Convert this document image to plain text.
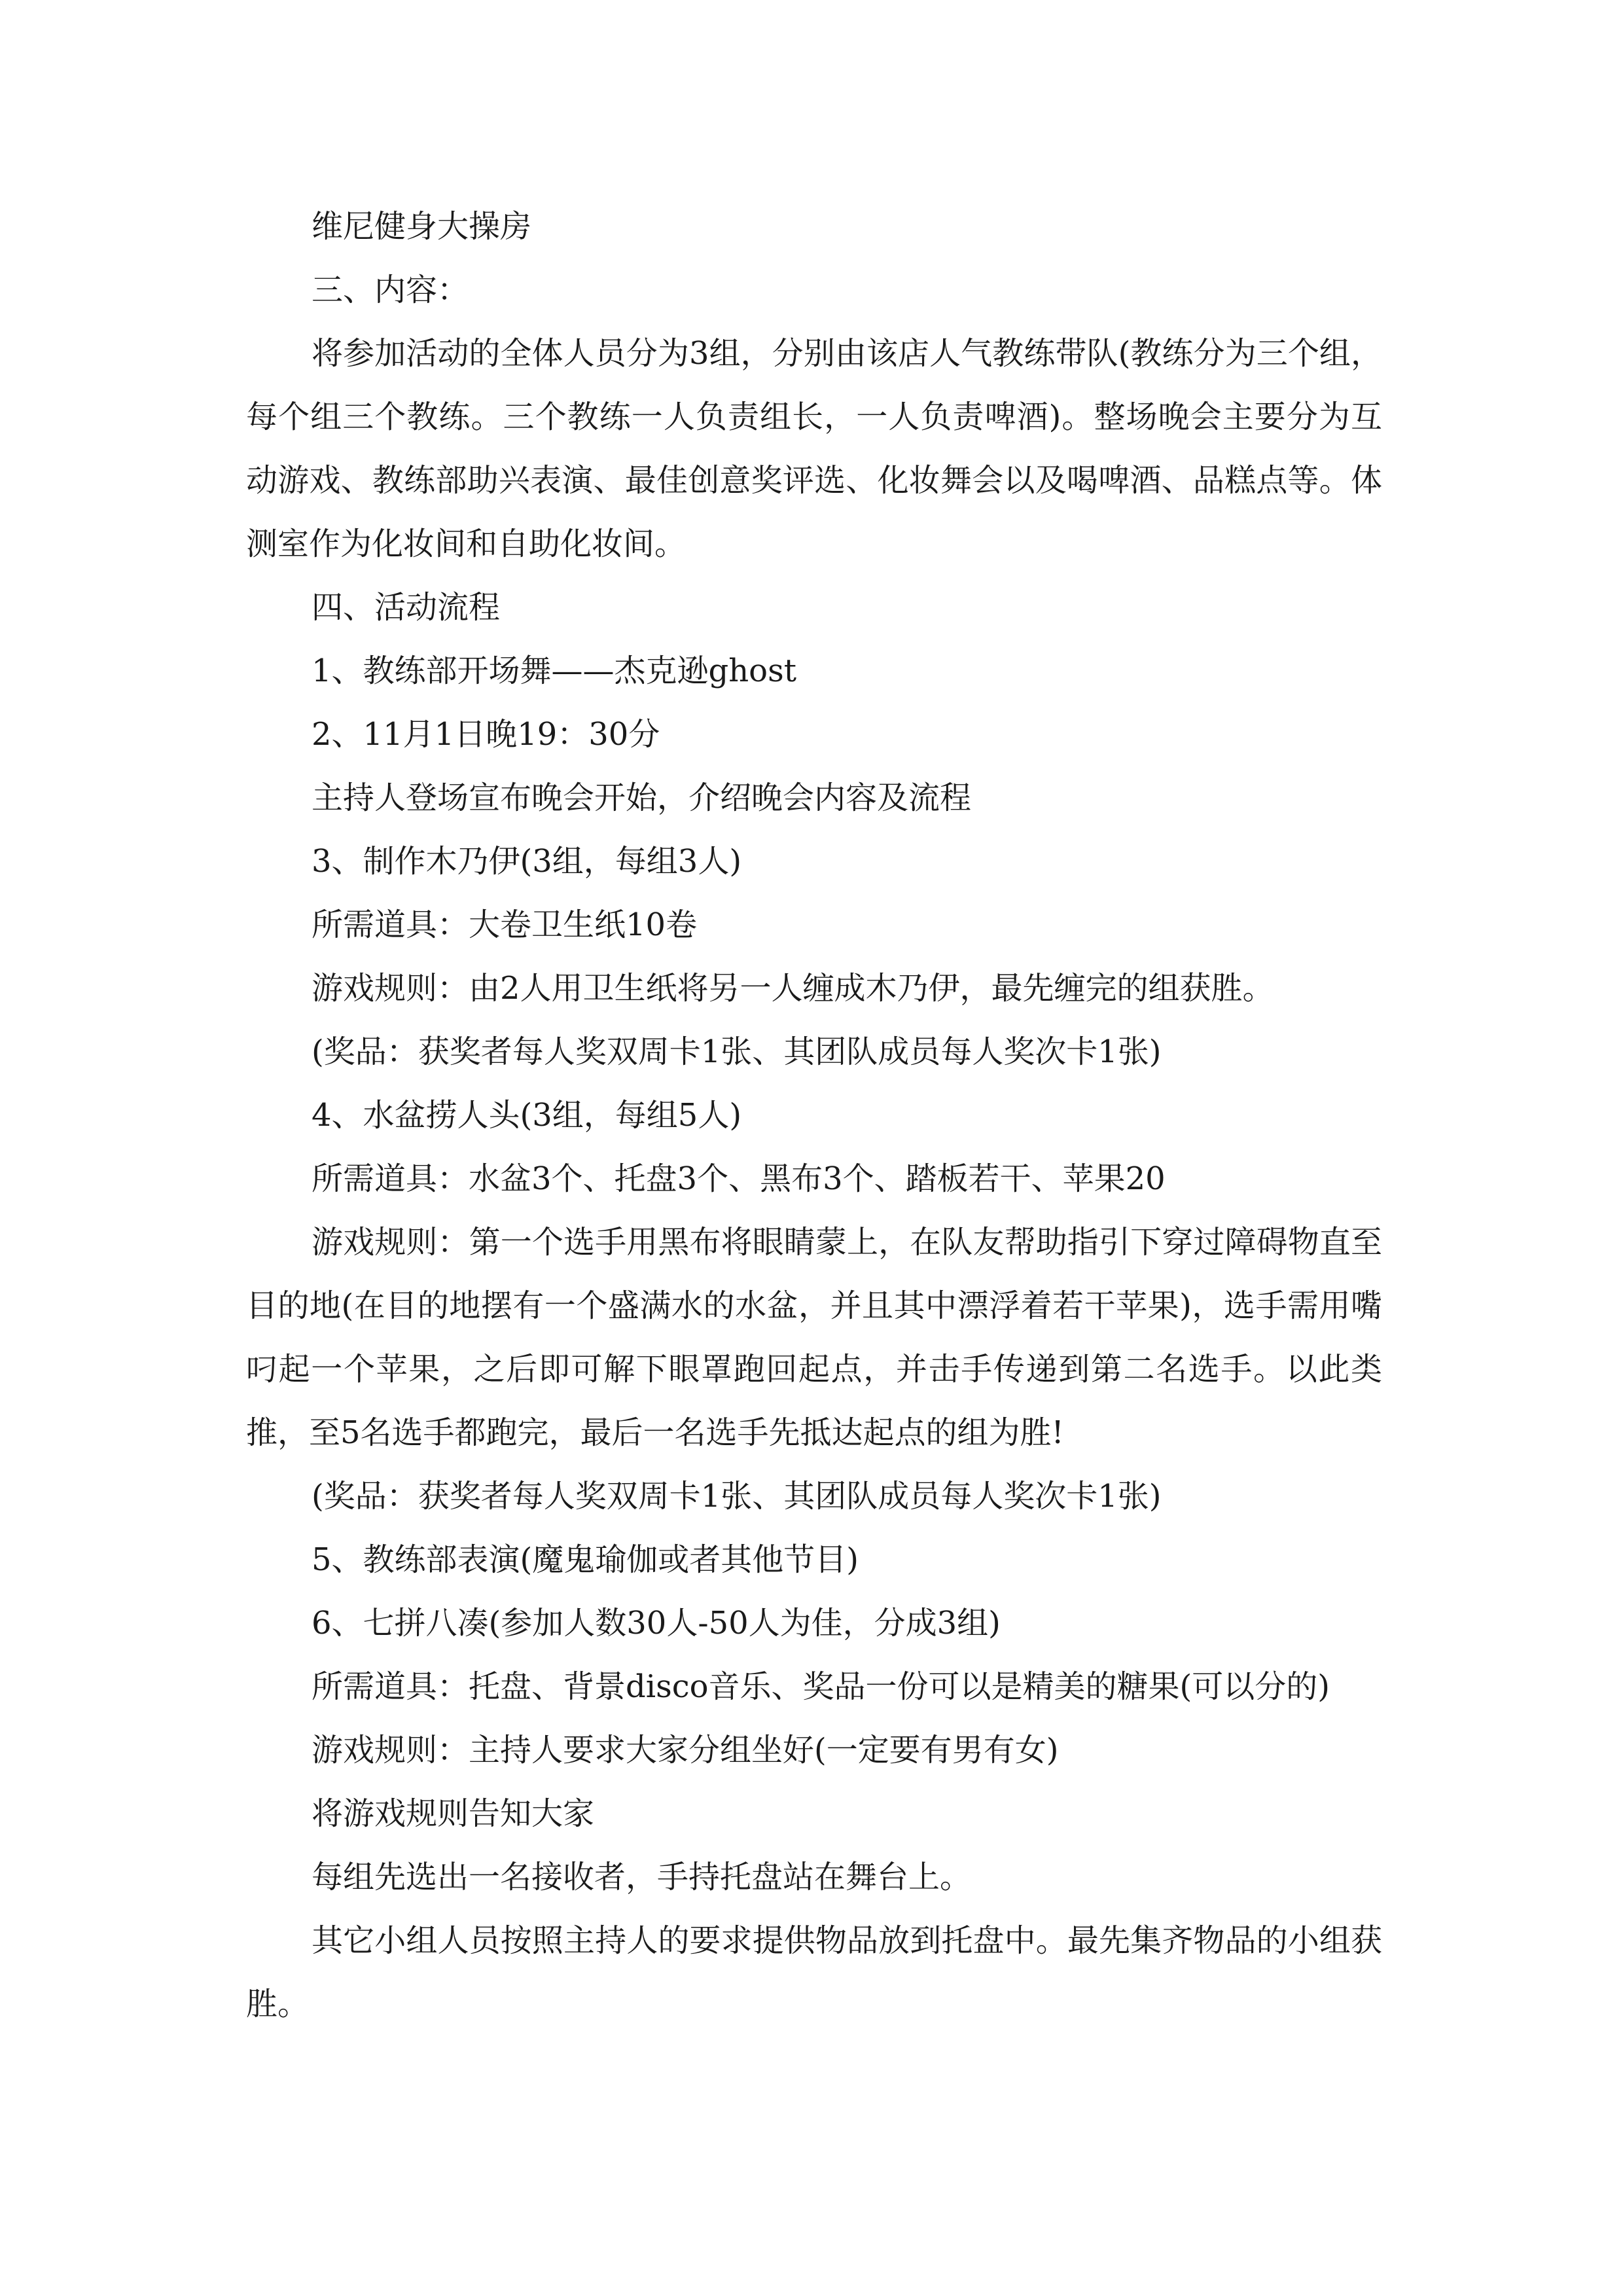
维尼健身大操房

三、内容：

将参加活动的全体人员分为3组，分别由该店人气教练带队(教练分为三个组，每个组三个教练。三个教练一人负责组长，一人负责啤酒)。整场晚会主要分为互动游戏、教练部助兴表演、最佳创意奖评选、化妆舞会以及喝啤酒、品糕点等。体测室作为化妆间和自助化妆间。

四、活动流程

1、教练部开场舞——杰克逊ghost

2、11月1日晚19：30分

主持人登场宣布晚会开始，介绍晚会内容及流程

3、制作木乃伊(3组，每组3人)

所需道具：大卷卫生纸10卷

游戏规则：由2人用卫生纸将另一人缠成木乃伊，最先缠完的组获胜。

(奖品：获奖者每人奖双周卡1张、其团队成员每人奖次卡1张)

4、水盆捞人头(3组，每组5人)

所需道具：水盆3个、托盘3个、黑布3个、踏板若干、苹果20

游戏规则：第一个选手用黑布将眼睛蒙上，在队友帮助指引下穿过障碍物直至目的地(在目的地摆有一个盛满水的水盆，并且其中漂浮着若干苹果)，选手需用嘴叼起一个苹果，之后即可解下眼罩跑回起点，并击手传递到第二名选手。以此类推，至5名选手都跑完，最后一名选手先抵达起点的组为胜!

(奖品：获奖者每人奖双周卡1张、其团队成员每人奖次卡1张)

5、教练部表演(魔鬼瑜伽或者其他节目)

6、七拼八凑(参加人数30人-50人为佳，分成3组)

所需道具：托盘、背景disco音乐、奖品一份可以是精美的糖果(可以分的)

游戏规则：主持人要求大家分组坐好(一定要有男有女)

将游戏规则告知大家

每组先选出一名接收者，手持托盘站在舞台上。

其它小组人员按照主持人的要求提供物品放到托盘中。最先集齐物品的小组获胜。
